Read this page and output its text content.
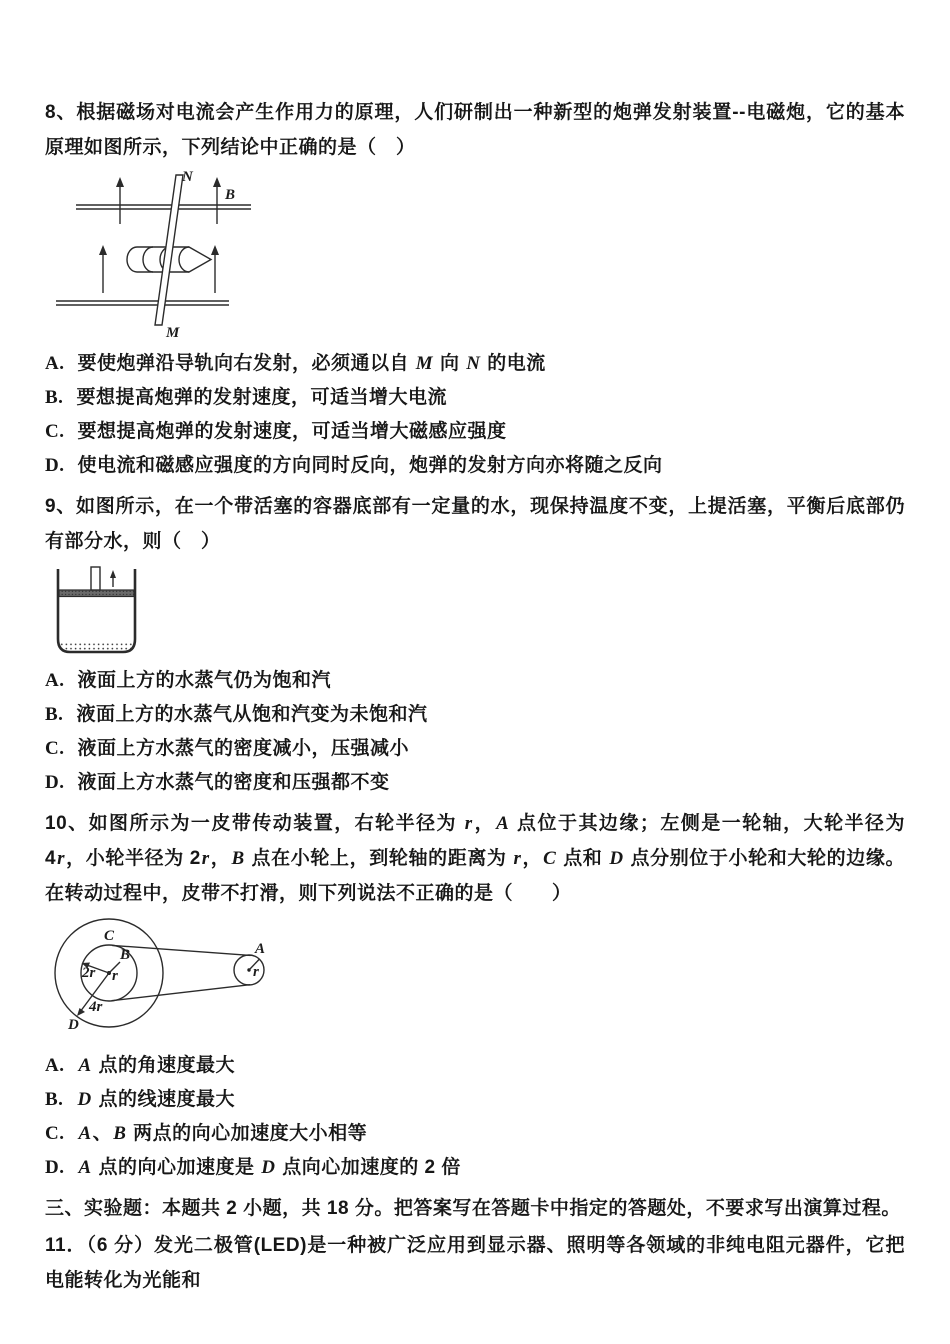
8、根据磁场对电流会产生作用力的原理，人们研制出一种新型的炮弹发射装置--电磁炮，它的基本原理如图所示，下列结论中正确的是（　）

N
M
B
A. 要使炮弹沿导轨向右发射，必须通以自 M 向 N 的电流
B. 要想提高炮弹的发射速度，可适当增大电流
C. 要想提高炮弹的发射速度，可适当增大磁感应强度
D. 使电流和磁感应强度的方向同时反向，炮弹的发射方向亦将随之反向

9、如图所示，在一个带活塞的容器底部有一定量的水，现保持温度不变，上提活塞，平衡后底部仍有部分水，则（　）

A. 液面上方的水蒸气仍为饱和汽
B. 液面上方的水蒸气从饱和汽变为未饱和汽
C. 液面上方水蒸气的密度减小，压强减小
D. 液面上方水蒸气的密度和压强都不变

10、如图所示为一皮带传动装置，右轮半径为 r，A 点位于其边缘；左侧是一轮轴，大轮半径为 4r，小轮半径为 2r，B 点在小轮上，到轮轴的距离为 r，C 点和 D 点分别位于小轮和大轮的边缘。在转动过程中，皮带不打滑，则下列说法不正确的是（　　）

C
B
2r r
4r
D
A
r
A. A 点的角速度最大
B. D 点的线速度最大
C. A、B 两点的向心加速度大小相等
D. A 点的向心加速度是 D 点向心加速度的 2 倍

三、实验题：本题共 2 小题，共 18 分。把答案写在答题卡中指定的答题处，不要求写出演算过程。

11．（6 分）发光二极管(LED)是一种被广泛应用到显示器、照明等各领域的非纯电阻元器件，它把电能转化为光能和
